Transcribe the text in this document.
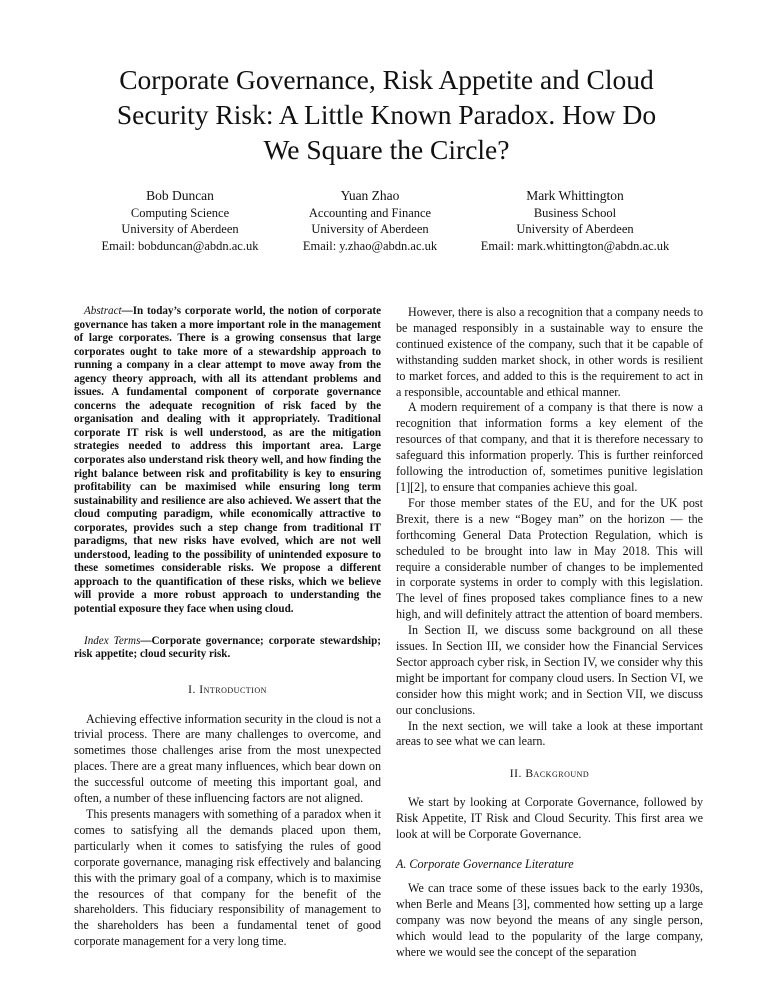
Corporate Governance, Risk Appetite and Cloud
Security Risk: A Little Known Paradox. How Do
We Square the Circle?
Bob Duncan
Computing Science
University of Aberdeen
Email: bobduncan@abdn.ac.uk
Yuan Zhao
Accounting and Finance
University of Aberdeen
Email: y.zhao@abdn.ac.uk
Mark Whittington
Business School
University of Aberdeen
Email: mark.whittington@abdn.ac.uk

Abstract—In today’s corporate world, the notion of corporate governance has taken a more important role in the management of large corporates. There is a growing consensus that large corporates ought to take more of a stewardship approach to running a company in a clear attempt to move away from the agency theory approach, with all its attendant problems and issues. A fundamental component of corporate governance concerns the adequate recognition of risk faced by the organisation and dealing with it appropriately. Traditional corporate IT risk is well understood, as are the mitigation strategies needed to address this important area. Large corporates also understand risk theory well, and how finding the right balance between risk and profitability is key to ensuring profitability can be maximised while ensuring long term sustainability and resilience are also achieved. We assert that the cloud computing paradigm, while economically attractive to corporates, provides such a step change from traditional IT paradigms, that new risks have evolved, which are not well understood, leading to the possibility of unintended exposure to these sometimes considerable risks. We propose a different approach to the quantification of these risks, which we believe will provide a more robust approach to understanding the potential exposure they face when using cloud.

Index Terms—Corporate governance; corporate stewardship; risk appetite; cloud security risk.

I. Introduction

Achieving effective information security in the cloud is not a trivial process. There are many challenges to overcome, and sometimes those challenges arise from the most unexpected places. There are a great many influences, which bear down on the successful outcome of meeting this important goal, and often, a number of these influencing factors are not aligned.

This presents managers with something of a paradox when it comes to satisfying all the demands placed upon them, particularly when it comes to satisfying the rules of good corporate governance, managing risk effectively and balancing this with the primary goal of a company, which is to maximise the resources of that company for the benefit of the shareholders. This fiduciary responsibility of management to the shareholders has been a fundamental tenet of good corporate management for a very long time.

However, there is also a recognition that a company needs to be managed responsibly in a sustainable way to ensure the continued existence of the company, such that it be capable of withstanding sudden market shock, in other words is resilient to market forces, and added to this is the requirement to act in a responsible, accountable and ethical manner.

A modern requirement of a company is that there is now a recognition that information forms a key element of the resources of that company, and that it is therefore necessary to safeguard this information properly. This is further reinforced following the introduction of, sometimes punitive legislation [1][2], to ensure that companies achieve this goal.

For those member states of the EU, and for the UK post Brexit, there is a new “Bogey man” on the horizon — the forthcoming General Data Protection Regulation, which is scheduled to be brought into law in May 2018. This will require a considerable number of changes to be implemented in corporate systems in order to comply with this legislation. The level of fines proposed takes compliance fines to a new high, and will definitely attract the attention of board members.

In Section II, we discuss some background on all these issues. In Section III, we consider how the Financial Services Sector approach cyber risk, in Section IV, we consider why this might be important for company cloud users. In Section VI, we consider how this might work; and in Section VII, we discuss our conclusions.

In the next section, we will take a look at these important areas to see what we can learn.

II. Background

We start by looking at Corporate Governance, followed by Risk Appetite, IT Risk and Cloud Security. This first area we look at will be Corporate Governance.

A. Corporate Governance Literature

We can trace some of these issues back to the early 1930s, when Berle and Means [3], commented how setting up a large company was now beyond the means of any single person, which would lead to the popularity of the large company, where we would see the concept of the separation
